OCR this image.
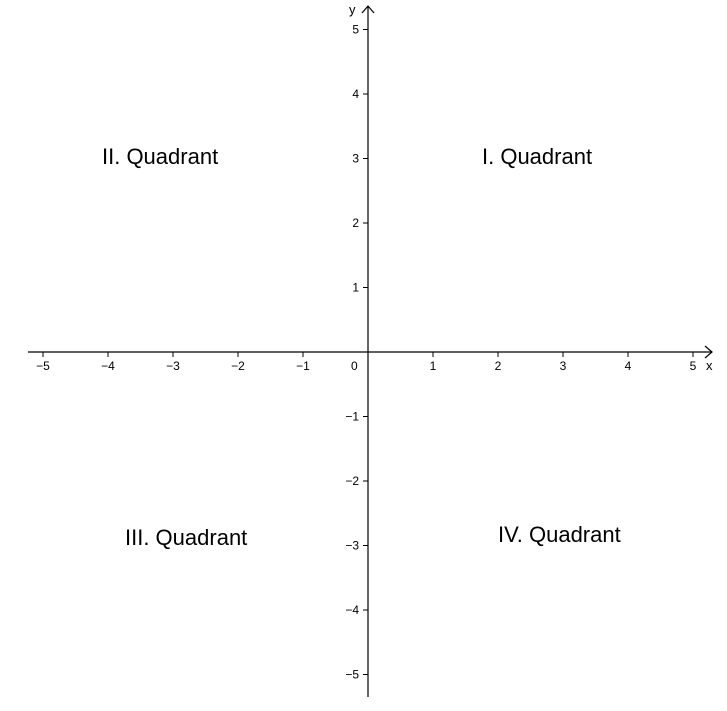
−5	−4	−3	−2	−1	1	2	3	4	5
−5
−4
−3
−2
−1
1
2
3
4
5
x
y
0
I. Quadrant
II. Quadrant
III. Quadrant	IV. Quadrant
